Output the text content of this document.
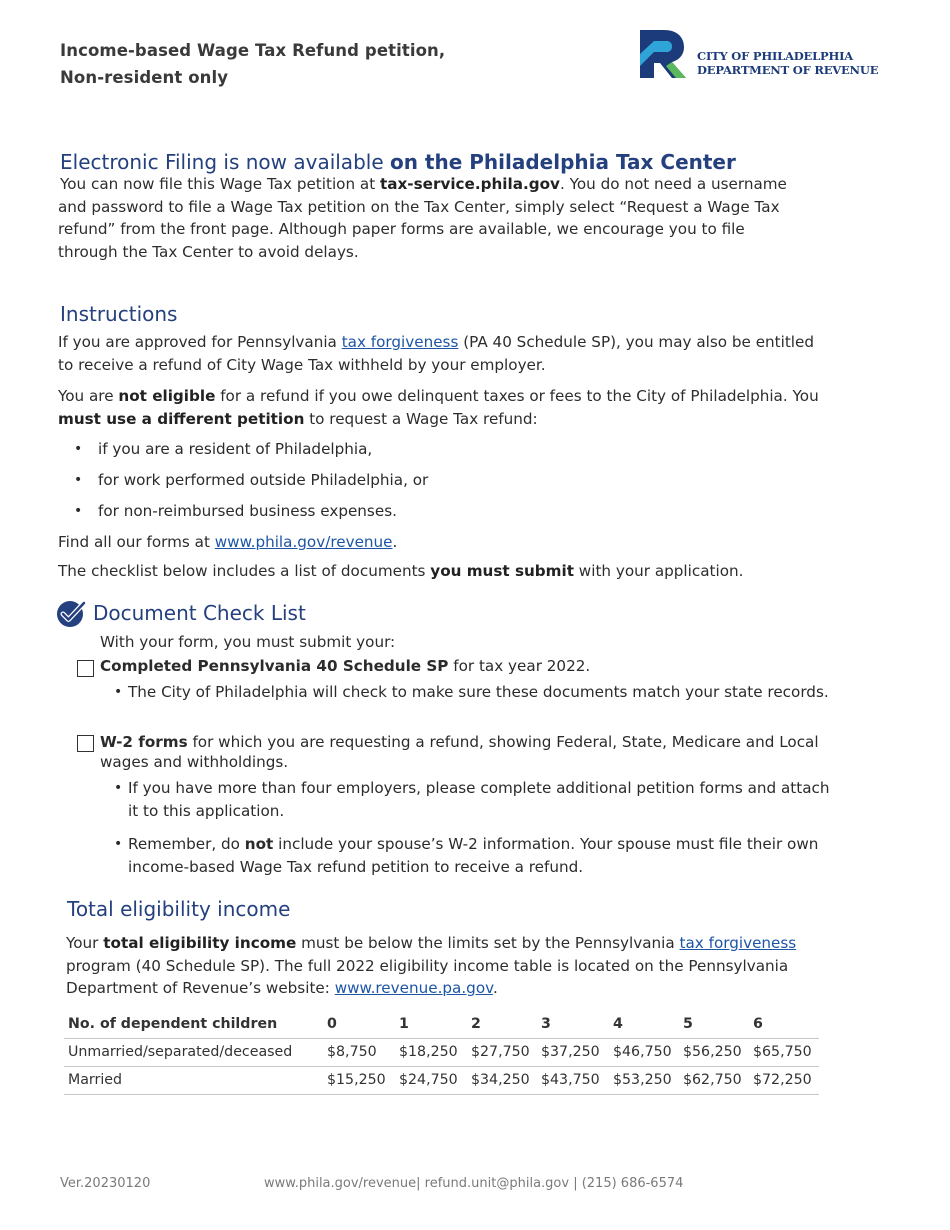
Income-based Wage Tax Refund petition,
Non-resident only
CITY OF PHILADELPHIA
DEPARTMENT OF REVENUE
Electronic Filing is now available on the Philadelphia Tax Center
You can now file this Wage Tax petition at tax-service.phila.gov. You do not need a username
and password to file a Wage Tax petition on the Tax Center, simply select “Request a Wage Tax
refund” from the front page. Although paper forms are available, we encourage you to file
through the Tax Center to avoid delays.
Instructions
If you are approved for Pennsylvania tax forgiveness (PA 40 Schedule SP), you may also be entitled
to receive a refund of City Wage Tax withheld by your employer.
You are not eligible for a refund if you owe delinquent taxes or fees to the City of Philadelphia. You
must use a different petition to request a Wage Tax refund:
• if you are a resident of Philadelphia,
• for work performed outside Philadelphia, or
• for non-reimbursed business expenses.
Find all our forms at www.phila.gov/revenue.
The checklist below includes a list of documents you must submit with your application.
Document Check List
With your form, you must submit your:
Completed Pennsylvania 40 Schedule SP for tax year 2022.
• The City of Philadelphia will check to make sure these documents match your state records.
W-2 forms for which you are requesting a refund, showing Federal, State, Medicare and Local
wages and withholdings.
• If you have more than four employers, please complete additional petition forms and attach
it to this application.
• Remember, do not include your spouse’s W-2 information. Your spouse must file their own
income-based Wage Tax refund petition to receive a refund.
Total eligibility income
Your total eligibility income must be below the limits set by the Pennsylvania tax forgiveness
program (40 Schedule SP). The full 2022 eligibility income table is located on the Pennsylvania
Department of Revenue’s website: www.revenue.pa.gov.
No. of dependent children	0	1	2	3	4	5	6
Unmarried/separated/deceased	$8,750	$18,250	$27,750	$37,250	$46,750	$56,250	$65,750
Married	$15,250	$24,750	$34,250	$43,750	$53,250	$62,750	$72,250
Ver.20230120	www.phila.gov/revenue| refund.unit@phila.gov | (215) 686-6574
